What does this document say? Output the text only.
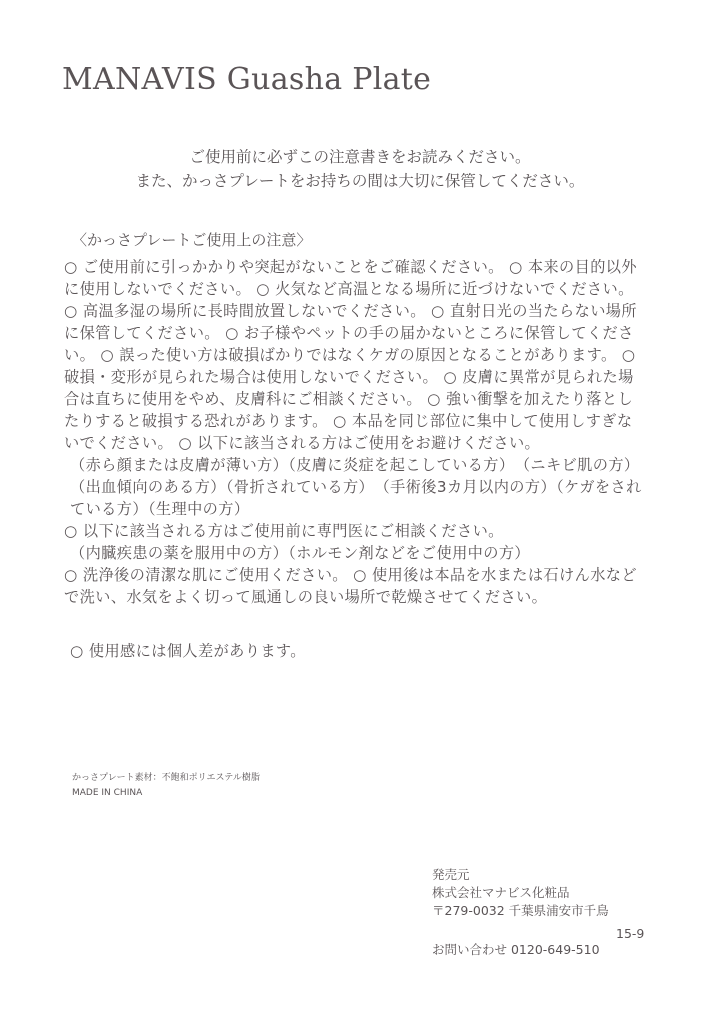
MANAVIS Guasha Plate
ご使用前に必ずこの注意書きをお読みください。
また、かっさプレートをお持ちの間は大切に保管してください。
〈かっさプレートご使用上の注意〉

○ ご使用前に引っかかりや突起がないことをご確認ください。 ○ 本来の目的以外に使用しないでください。 ○ 火気など高温となる場所に近づけないでください。 ○ 高温多湿の場所に長時間放置しないでください。 ○ 直射日光の当たらない場所に保管してください。 ○ お子様やペットの手の届かないところに保管してください。 ○ 誤った使い方は破損ばかりではなくケガの原因となることがあります。 ○ 破損・変形が見られた場合は使用しないでください。 ○ 皮膚に異常が見られた場合は直ちに使用をやめ、皮膚科にご相談ください。 ○ 強い衝撃を加えたり落としたりすると破損する恐れがあります。 ○ 本品を同じ部位に集中して使用しすぎないでください。 ○ 以下に該当される方はご使用をお避けください。

（赤ら顔または皮膚が薄い方）（皮膚に炎症を起こしている方）　（ニキビ肌の方）（出血傾向のある方）（骨折されている方）　（手術後3カ月以内の方）（ケガをされている方）（生理中の方）

○ 以下に該当される方はご使用前に専門医にご相談ください。

（内臓疾患の薬を服用中の方）（ホルモン剤などをご使用中の方）

○ 洗浄後の清潔な肌にご使用ください。 ○ 使用後は本品を水または石けん水などで洗い、水気をよく切って風通しの良い場所で乾燥させてください。

○ 使用感には個人差があります。
かっさプレート素材：不飽和ポリエステル樹脂
MADE IN CHINA
発売元
株式会社マナビス化粧品
〒279-0032 千葉県浦安市千鳥
15-9
お問い合わせ 0120-649-510
